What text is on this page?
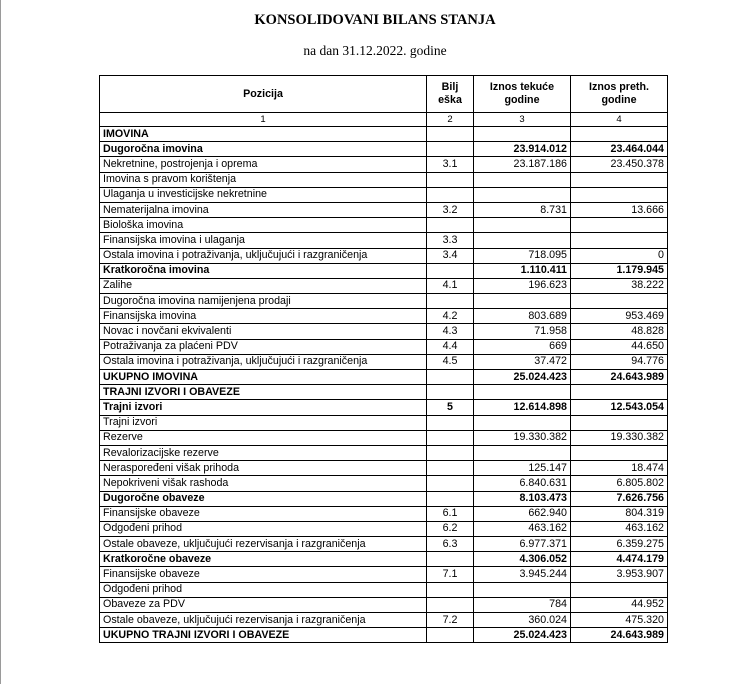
KONSOLIDOVANI BILANS STANJA
na dan 31.12.2022. godine
Pozicija	Bilj eška	Iznos tekuće godine	Iznos preth. godine
1	2	3	4
IMOVINA			
Dugoročna imovina		23.914.012	23.464.044
Nekretnine, postrojenja i oprema	3.1	23.187.186	23.450.378
Imovina s pravom korištenja			
Ulaganja u investicijske nekretnine			
Nematerijalna imovina	3.2	8.731	13.666
Biološka imovina			
Finansijska imovina i ulaganja	3.3		
Ostala imovina i potraživanja, uključujući i razgraničenja	3.4	718.095	0
Kratkoročna imovina		1.110.411	1.179.945
Zalihe	4.1	196.623	38.222
Dugoročna imovina namijenjena prodaji			
Finansijska imovina	4.2	803.689	953.469
Novac i novčani ekvivalenti	4.3	71.958	48.828
Potraživanja za plaćeni PDV	4.4	669	44.650
Ostala imovina i potraživanja, uključujući i razgraničenja	4.5	37.472	94.776
UKUPNO IMOVINA		25.024.423	24.643.989
TRAJNI IZVORI I OBAVEZE			
Trajni izvori	5	12.614.898	12.543.054
Trajni izvori			
Rezerve		19.330.382	19.330.382
Revalorizacijske rezerve			
Neraspoređeni višak prihoda		125.147	18.474
Nepokriveni višak rashoda		6.840.631	6.805.802
Dugoročne obaveze		8.103.473	7.626.756
Finansijske obaveze	6.1	662.940	804.319
Odgođeni prihod	6.2	463.162	463.162
Ostale obaveze, uključujući rezervisanja i razgraničenja	6.3	6.977.371	6.359.275
Kratkoročne obaveze		4.306.052	4.474.179
Finansijske obaveze	7.1	3.945.244	3.953.907
Odgođeni prihod			
Obaveze za PDV		784	44.952
Ostale obaveze, uključujući rezervisanja i razgraničenja	7.2	360.024	475.320
UKUPNO TRAJNI IZVORI I OBAVEZE		25.024.423	24.643.989
